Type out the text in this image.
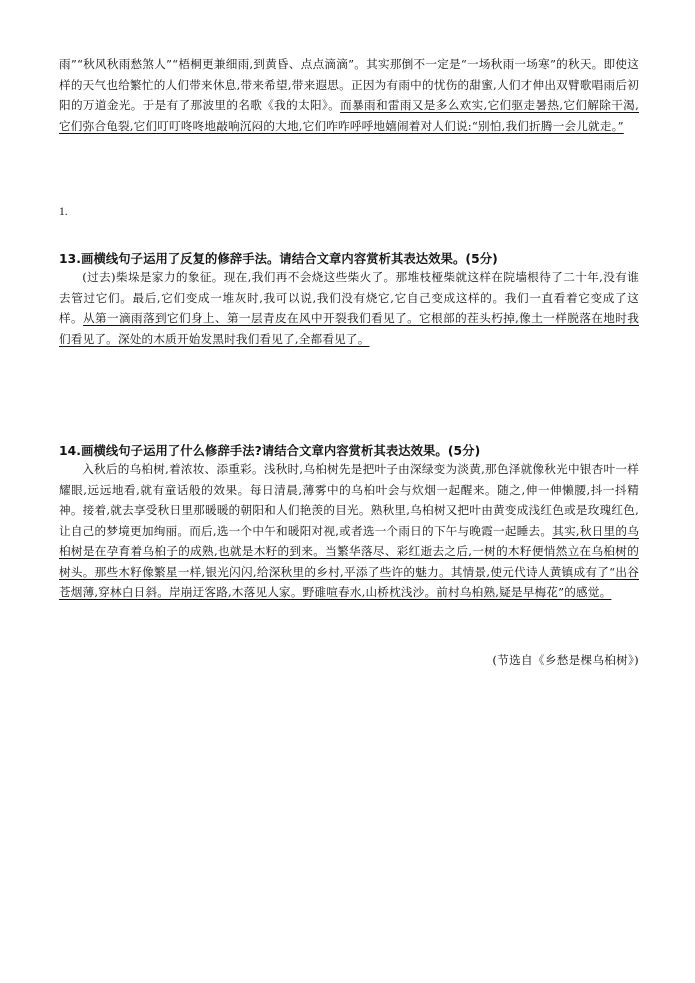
雨”“秋风秋雨愁煞人”“梧桐更兼细雨,到黄昏、点点滴滴”。其实那倒不一定是“一场秋雨一场寒”的秋天。即使这样的天气也给繁忙的人们带来休息,带来希望,带来遐思。正因为有雨中的忧伤的甜蜜,人们才伸出双臂歌唱雨后初阳的万道金光。于是有了那波里的名歌《我的太阳》。而暴雨和雷雨又是多么欢实,它们驱走暑热,它们解除干渴,它们弥合龟裂,它们叮叮咚咚地敲响沉闷的大地,它们咋咋呼呼地嬉闹着对人们说:“别怕,我们折腾一会儿就走。”

1.

13.画横线句子运用了反复的修辞手法。请结合文章内容赏析其表达效果。(5分)

(过去)柴垛是家力的象征。现在,我们再不会烧这些柴火了。那堆枝桠柴就这样在院墙根待了二十年,没有谁去管过它们。最后,它们变成一堆灰时,我可以说,我们没有烧它,它自己变成这样的。我们一直看着它变成了这样。从第一滴雨落到它们身上、第一层青皮在风中开裂我们看见了。它根部的茬头朽掉,像土一样脱落在地时我们看见了。深处的木质开始发黑时我们看见了,全都看见了。

14.画横线句子运用了什么修辞手法?请结合文章内容赏析其表达效果。(5分)

入秋后的乌桕树,着浓妆、添重彩。浅秋时,乌桕树先是把叶子由深绿变为淡黄,那色泽就像秋光中银杏叶一样耀眼,远远地看,就有童话般的效果。每日清晨,薄雾中的乌桕叶会与炊烟一起醒来。随之,伸一伸懒腰,抖一抖精神。接着,就去享受秋日里那暖暖的朝阳和人们艳羡的目光。熟秋里,乌桕树又把叶由黄变成浅红色或是玫瑰红色,让自己的梦境更加绚丽。而后,选一个中午和暖阳对视,或者选一个雨日的下午与晚霞一起睡去。其实,秋日里的乌桕树是在孕育着乌桕子的成熟,也就是木籽的到来。当繁华落尽、彩红逝去之后,一树的木籽便悄然立在乌桕树的树头。那些木籽像繁星一样,银光闪闪,给深秋里的乡村,平添了些许的魅力。其情景,使元代诗人黄镇成有了“出谷苍烟薄,穿林白日斜。岸崩迂客路,木落见人家。野碓喧春水,山桥枕浅沙。前村乌桕熟,疑是早梅花”的感觉。

(节选自《乡愁是棵乌桕树》)
